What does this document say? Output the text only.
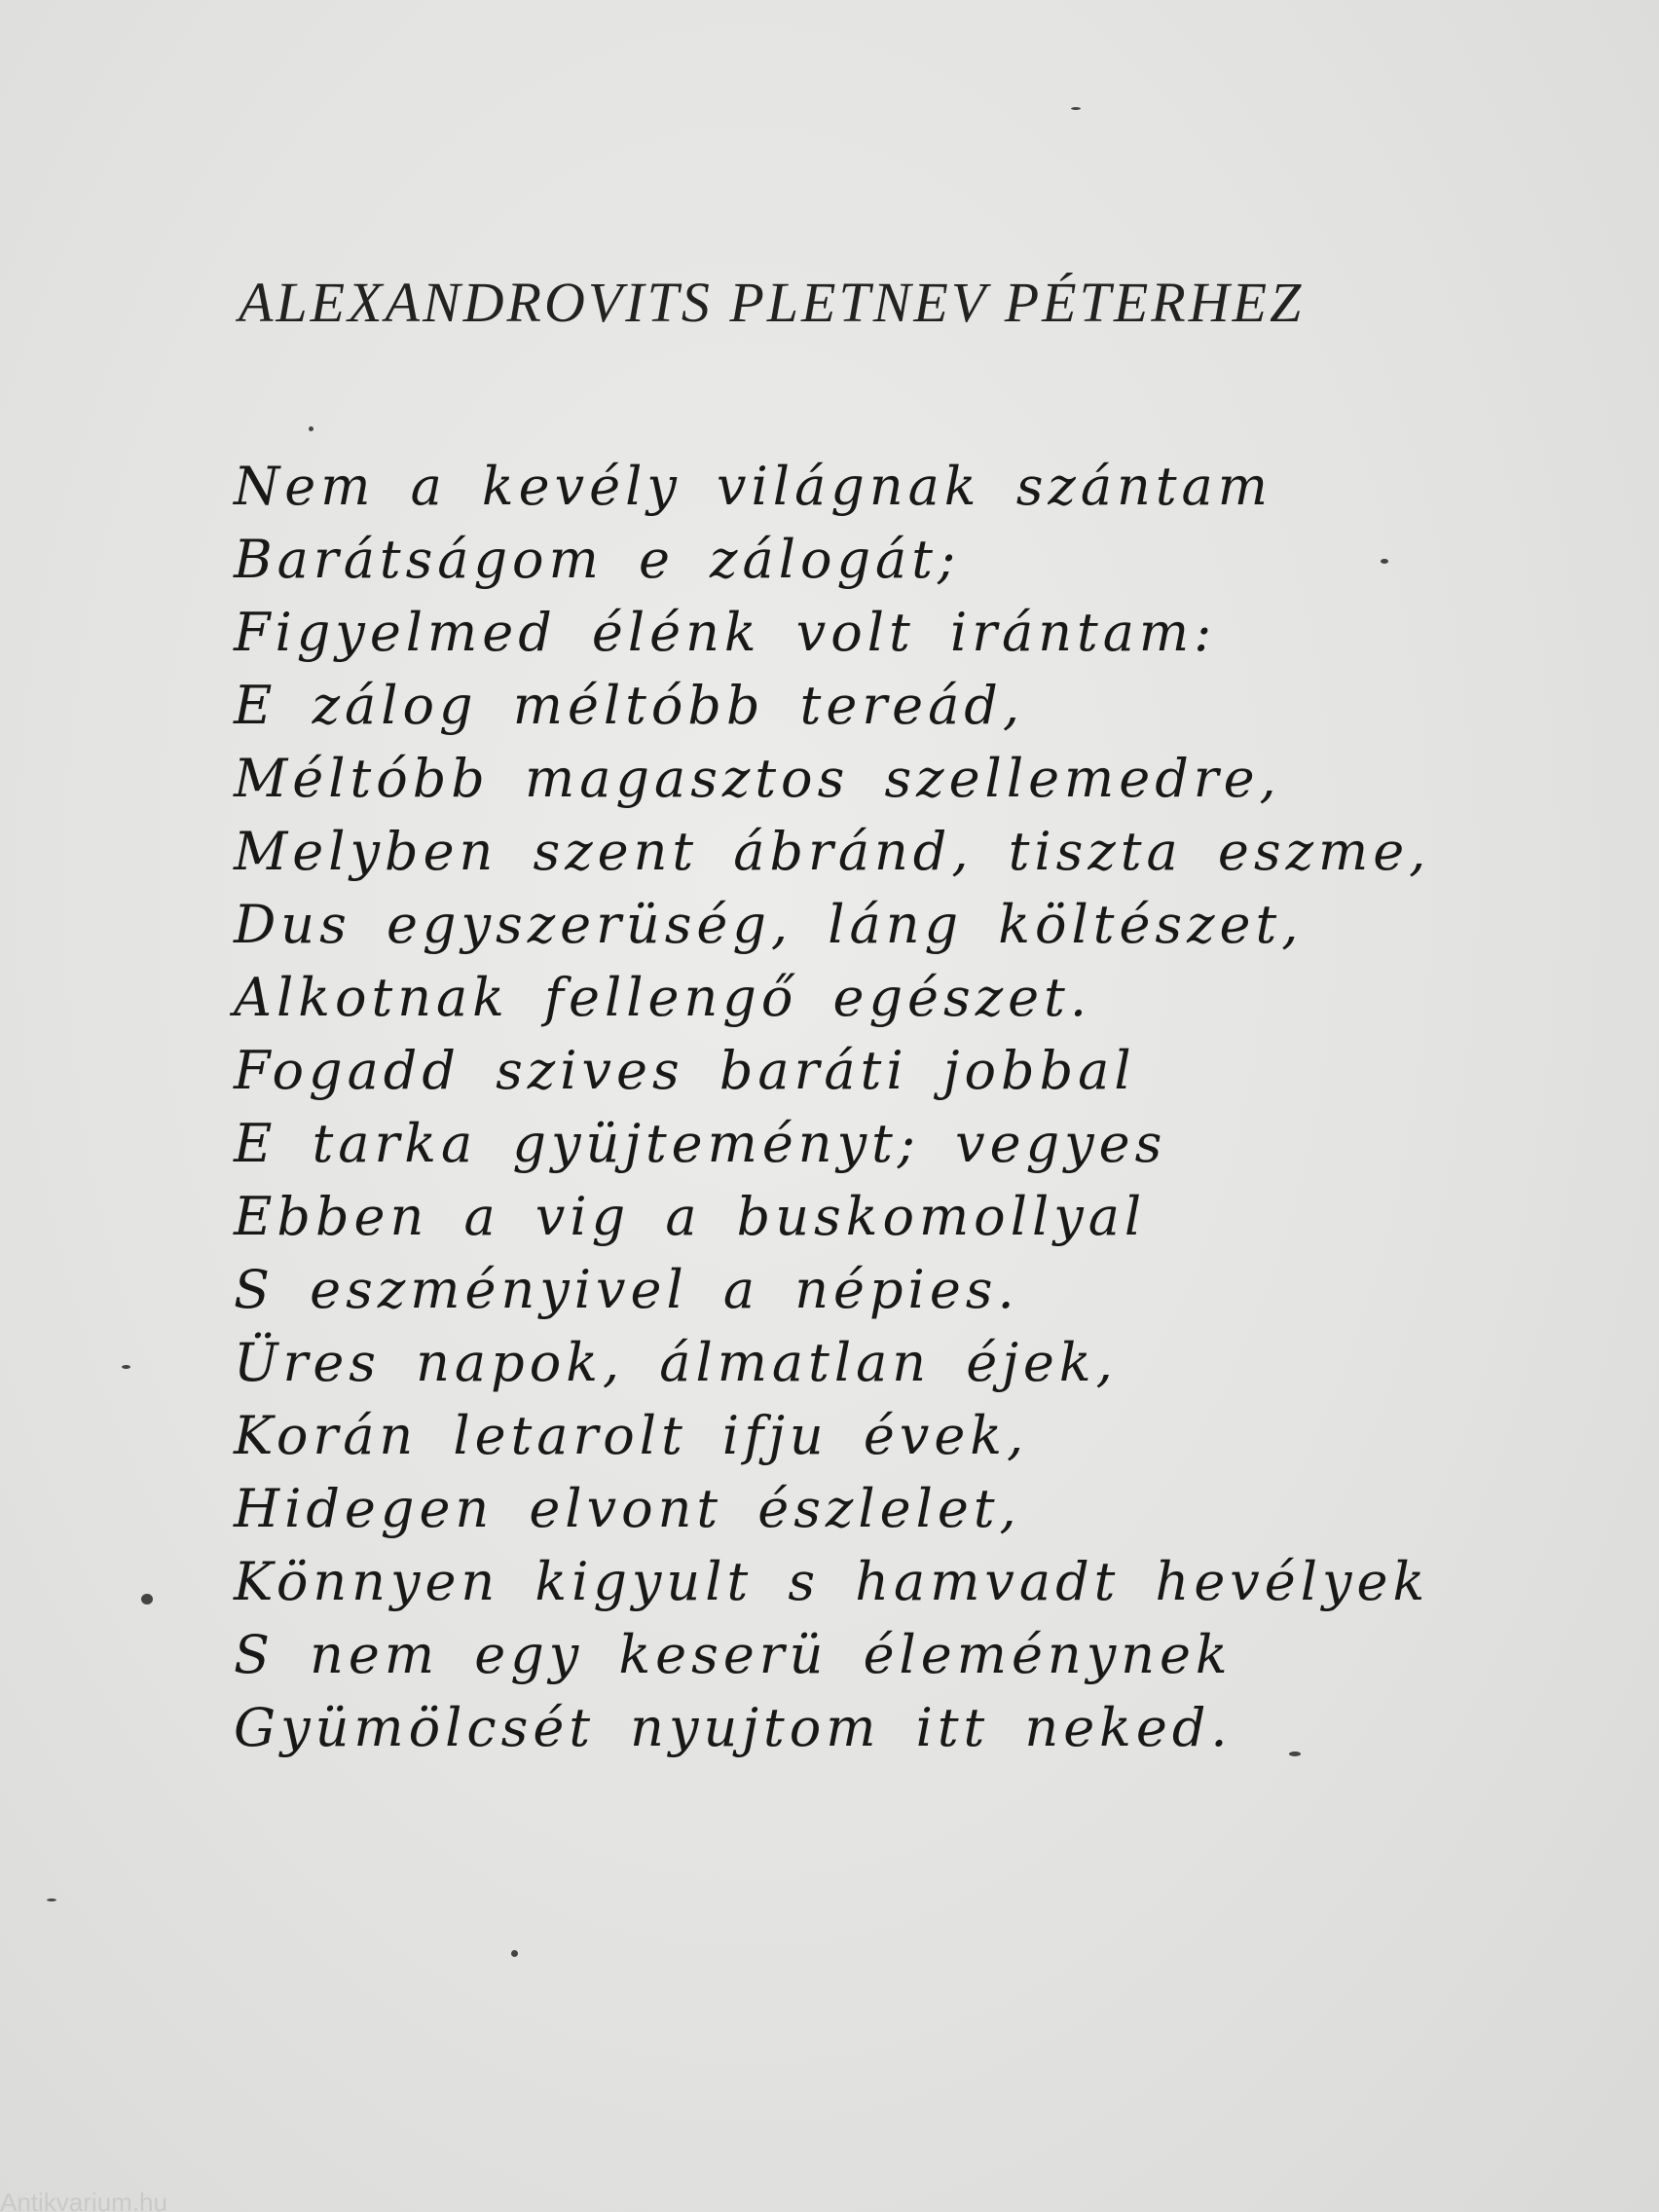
ALEXANDROVITS PLETNEV PÉTERHEZ
Nem a kevély világnak szántam
Barátságom e zálogát;
Figyelmed élénk volt irántam:
E zálog méltóbb tereád,
Méltóbb magasztos szellemedre,
Melyben szent ábránd, tiszta eszme,
Dus egyszerüség, láng költészet,
Alkotnak fellengő egészet.
Fogadd szives baráti jobbal
E tarka gyüjteményt; vegyes
Ebben a vig a buskomollyal
S eszményivel a népies.
Üres napok, álmatlan éjek,
Korán letarolt ifju évek,
Hidegen elvont észlelet,
Könnyen kigyult s hamvadt hevélyek
S nem egy keserü éleménynek
Gyümölcsét nyujtom itt neked.
Antikvarium.hu
